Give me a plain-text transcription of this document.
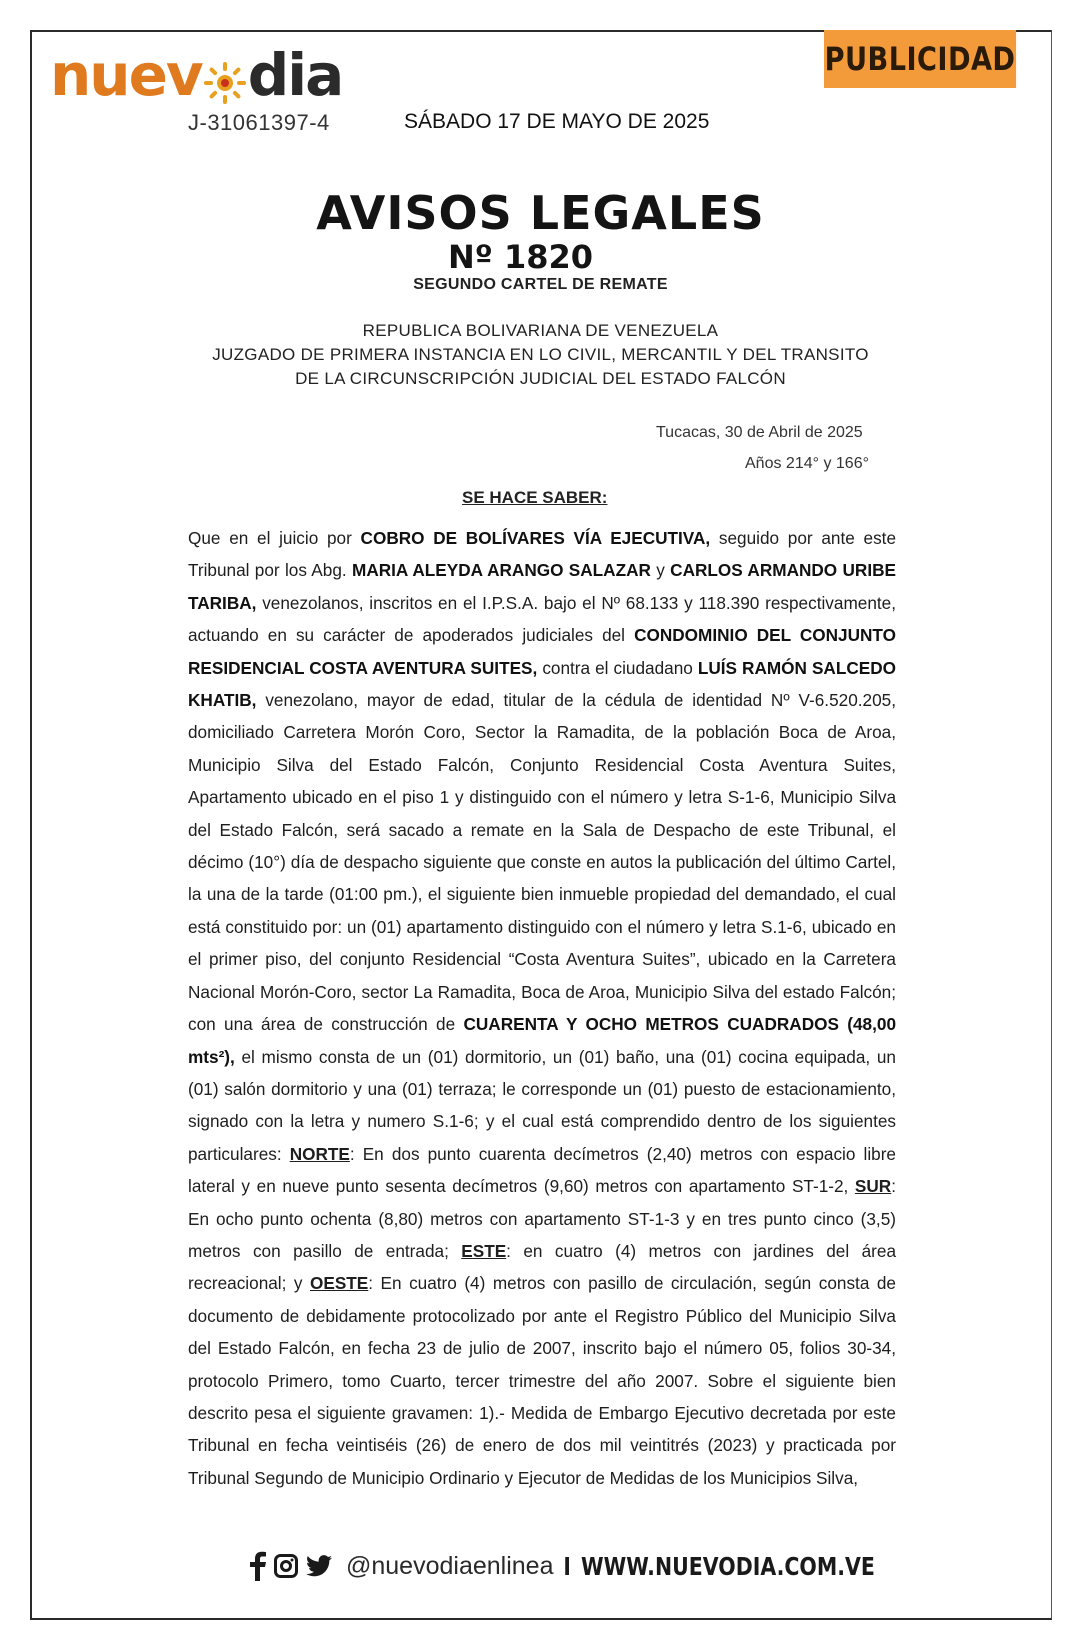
nuev dia
J-31061397-4	SÁBADO 17 DE MAYO DE 2025
PUBLICIDAD
AVISOS LEGALES
Nº 1820
SEGUNDO CARTEL DE REMATE
REPUBLICA BOLIVARIANA DE VENEZUELA
JUZGADO DE PRIMERA INSTANCIA EN LO CIVIL, MERCANTIL Y DEL TRANSITO
DE LA CIRCUNSCRIPCIÓN JUDICIAL DEL ESTADO FALCÓN
Tucacas, 30 de Abril de 2025
Años 214° y 166°
SE HACE SABER:
Que en el juicio por COBRO DE BOLÍVARES VÍA EJECUTIVA, seguido por ante este Tribunal por los Abg. MARIA ALEYDA ARANGO SALAZAR y CARLOS ARMANDO URIBE TARIBA, venezolanos, inscritos en el I.P.S.A. bajo el Nº 68.133 y 118.390 respectivamente, actuando en su carácter de apoderados judiciales del CONDOMINIO DEL CONJUNTO RESIDENCIAL COSTA AVENTURA SUITES, contra el ciudadano LUÍS RAMÓN SALCEDO KHATIB, venezolano, mayor de edad, titular de la cédula de identidad Nº V-6.520.205, domiciliado Carretera Morón Coro, Sector la Ramadita, de la población Boca de Aroa, Municipio Silva del Estado Falcón, Conjunto Residencial Costa Aventura Suites, Apartamento ubicado en el piso 1 y distinguido con el número y letra S-1-6, Municipio Silva del Estado Falcón, será sacado a remate en la Sala de Despacho de este Tribunal, el décimo (10°) día de despacho siguiente que conste en autos la publicación del último Cartel, la una de la tarde (01:00 pm.), el siguiente bien inmueble propiedad del demandado, el cual está constituido por: un (01) apartamento distinguido con el número y letra S.1-6, ubicado en el primer piso, del conjunto Residencial “Costa Aventura Suites”, ubicado en la Carretera Nacional Morón-Coro, sector La Ramadita, Boca de Aroa, Municipio Silva del estado Falcón; con una área de construcción de CUARENTA Y OCHO METROS CUADRADOS (48,00 mts²), el mismo consta de un (01) dormitorio, un (01) baño, una (01) cocina equipada, un (01) salón dormitorio y una (01) terraza; le corresponde un (01) puesto de estacionamiento, signado con la letra y numero S.1-6; y el cual está comprendido dentro de los siguientes particulares: NORTE: En dos punto cuarenta decímetros (2,40) metros con espacio libre lateral y en nueve punto sesenta decímetros (9,60) metros con apartamento ST-1-2, SUR: En ocho punto ochenta (8,80) metros con apartamento ST-1-3 y en tres punto cinco (3,5) metros con pasillo de entrada; ESTE: en cuatro (4) metros con jardines del área recreacional; y OESTE: En cuatro (4) metros con pasillo de circulación, según consta de documento de debidamente protocolizado por ante el Registro Público del Municipio Silva del Estado Falcón, en fecha 23 de julio de 2007, inscrito bajo el número 05, folios 30-34, protocolo Primero, tomo Cuarto, tercer trimestre del año 2007. Sobre el siguiente bien descrito pesa el siguiente gravamen: 1).- Medida de Embargo Ejecutivo decretada por este Tribunal en fecha veintiséis (26) de enero de dos mil veintitrés (2023) y practicada por Tribunal Segundo de Municipio Ordinario y Ejecutor de Medidas de los Municipios Silva,
@nuevodiaenlinea I WWW.NUEVODIA.COM.VE
